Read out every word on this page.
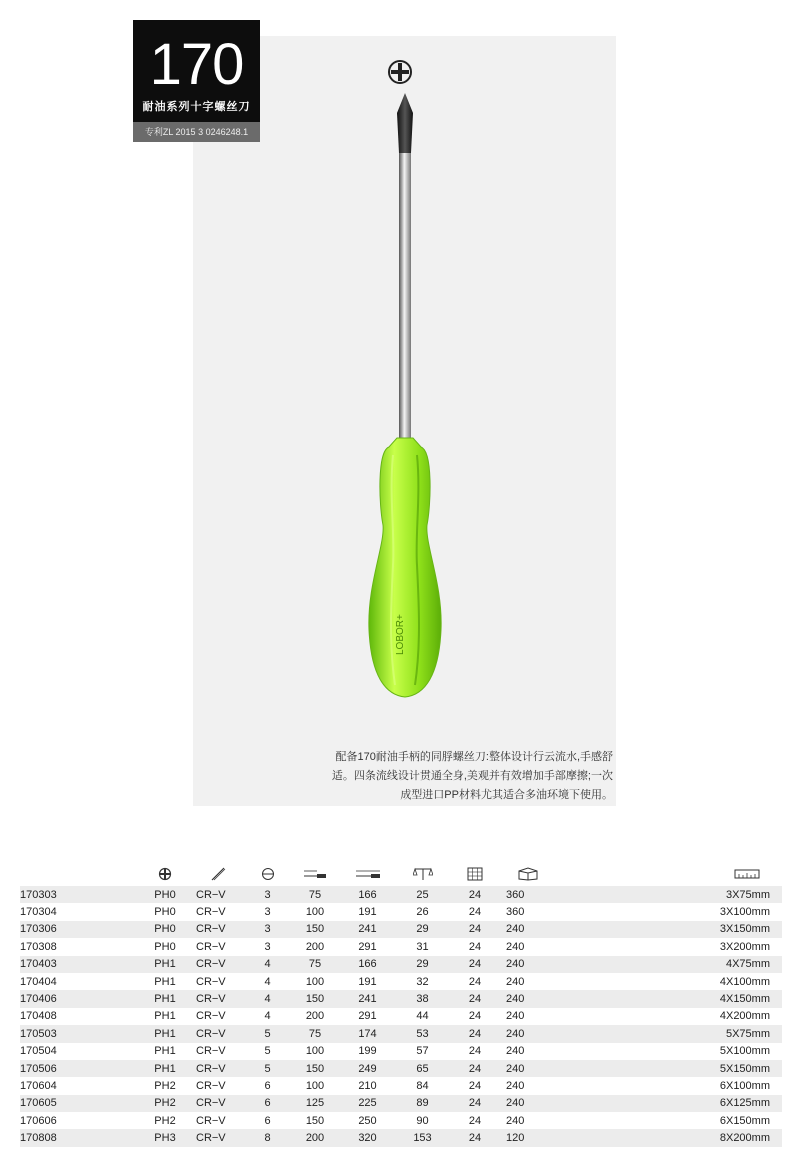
170
耐油系列十字螺丝刀
专利ZL 2015 3 0246248.1
LOBOR+
配备170耐油手柄的同脬螺丝刀:整体设计行云流水,手感舒
适。四条流线设计贯通全身,美观并有效增加手部摩擦;一次
成型进口PP材料尤其适合多油环境下使用。

170303	PH0	CR−V	3	75	166	25	24	360		3X75mm
170304	PH0	CR−V	3	100	191	26	24	360		3X100mm
170306	PH0	CR−V	3	150	241	29	24	240		3X150mm
170308	PH0	CR−V	3	200	291	31	24	240		3X200mm
170403	PH1	CR−V	4	75	166	29	24	240		4X75mm
170404	PH1	CR−V	4	100	191	32	24	240		4X100mm
170406	PH1	CR−V	4	150	241	38	24	240		4X150mm
170408	PH1	CR−V	4	200	291	44	24	240		4X200mm
170503	PH1	CR−V	5	75	174	53	24	240		5X75mm
170504	PH1	CR−V	5	100	199	57	24	240		5X100mm
170506	PH1	CR−V	5	150	249	65	24	240		5X150mm
170604	PH2	CR−V	6	100	210	84	24	240		6X100mm
170605	PH2	CR−V	6	125	225	89	24	240		6X125mm
170606	PH2	CR−V	6	150	250	90	24	240		6X150mm
170808	PH3	CR−V	8	200	320	153	24	120		8X200mm
